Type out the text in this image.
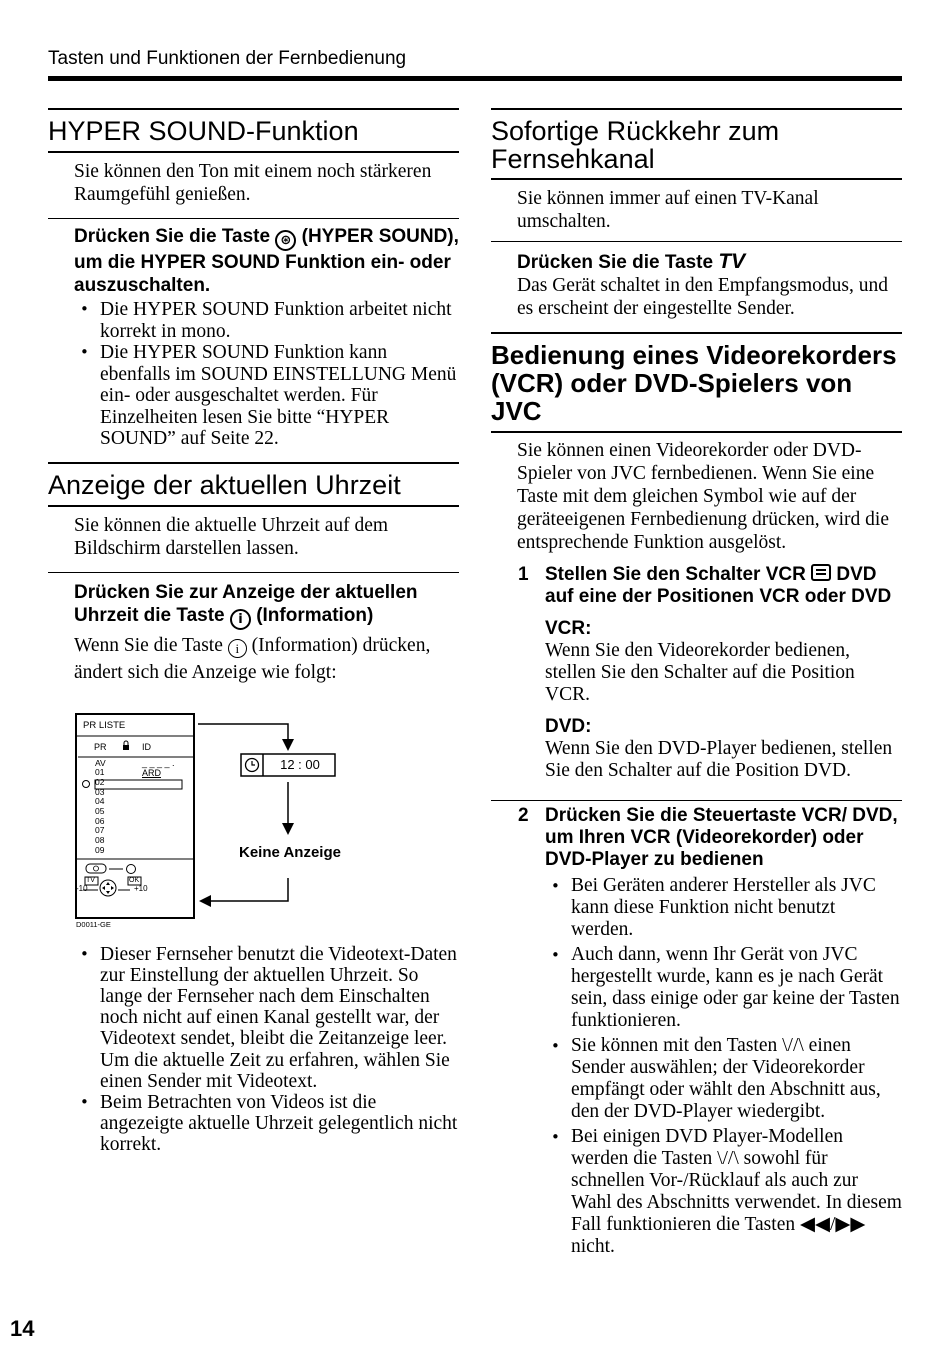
Tasten und Funktionen der Fernbedienung
HYPER SOUND-Funktion

Sie können den Ton mit einem noch stärkeren Raumgefühl genießen.

Drücken Sie die Taste ⊛ (HYPER SOUND), um die HYPER SOUND Funktion ein- oder auszuschalten.
• Die HYPER SOUND Funktion arbeitet nicht korrekt in mono.
• Die HYPER SOUND Funktion kann ebenfalls im SOUND EINSTELLUNG Menü ein- oder ausgeschaltet werden. Für Einzelheiten lesen Sie bitte “HYPER SOUND” auf Seite 22.
Anzeige der aktuellen Uhrzeit

Sie können die aktuelle Uhrzeit auf dem Bildschirm darstellen lassen.

Drücken Sie zur Anzeige der aktuellen Uhrzeit die Taste i (Information)
Wenn Sie die Taste i (Information) drücken, ändert sich die Anzeige wie folgt:
PR LISTE
PR	ID
_ _ _ _ .
ARD
AV
01
02
03
04
05
06
07
08
09
TV	OK
-10	+10
D0011-GE
12 : 00
Keine Anzeige
• Dieser Fernseher benutzt die Videotext-Daten zur Einstellung der aktuellen Uhrzeit. So lange der Fernseher nach dem Einschalten noch nicht auf einen Kanal gestellt war, der Videotext sendet, bleibt die Zeitanzeige leer. Um die aktuelle Zeit zu erfahren, wählen Sie einen Sender mit Videotext.
• Beim Betrachten von Videos ist die angezeigte aktuelle Uhrzeit gelegentlich nicht korrekt.
Sofortige Rückkehr zum Fernsehkanal

Sie können immer auf einen TV-Kanal umschalten.

Drücken Sie die Taste TV
Das Gerät schaltet in den Empfangsmodus, und es erscheint der eingestellte Sender.
Bedienung eines Videorekorders (VCR) oder DVD-Spielers von JVC

Sie können einen Videorekorder oder DVD-Spieler von JVC fernbedienen. Wenn Sie eine Taste mit dem gleichen Symbol wie auf der geräteeigenen Fernbedienung drücken, wird die entsprechende Funktion ausgelöst.

1 Stellen Sie den Schalter VCR DVD auf eine der Positionen VCR oder DVD
VCR:
Wenn Sie den Videorekorder bedienen, stellen Sie den Schalter auf die Position VCR.
DVD:
Wenn Sie den DVD-Player bedienen, stellen Sie den Schalter auf die Position DVD.
2 Drücken Sie die Steuertaste VCR/ DVD, um Ihren VCR (Videorekorder) oder DVD-Player zu bedienen
• Bei Geräten anderer Hersteller als JVC kann diese Funktion nicht benutzt werden.
• Auch dann, wenn Ihr Gerät von JVC hergestellt wurde, kann es je nach Gerät sein, dass einige oder gar keine der Tasten funktionieren.
• Sie können mit den Tasten \//\ einen Sender auswählen; der Videorekorder empfängt oder wählt den Abschnitt aus, den der DVD-Player wiedergibt.
• Bei einigen DVD Player-Modellen werden die Tasten \//\ sowohl für schnellen Vor-/Rücklauf als auch zur Wahl des Abschnitts verwendet. In diesem Fall funktionieren die Tasten ◀◀/▶▶ nicht.
14
